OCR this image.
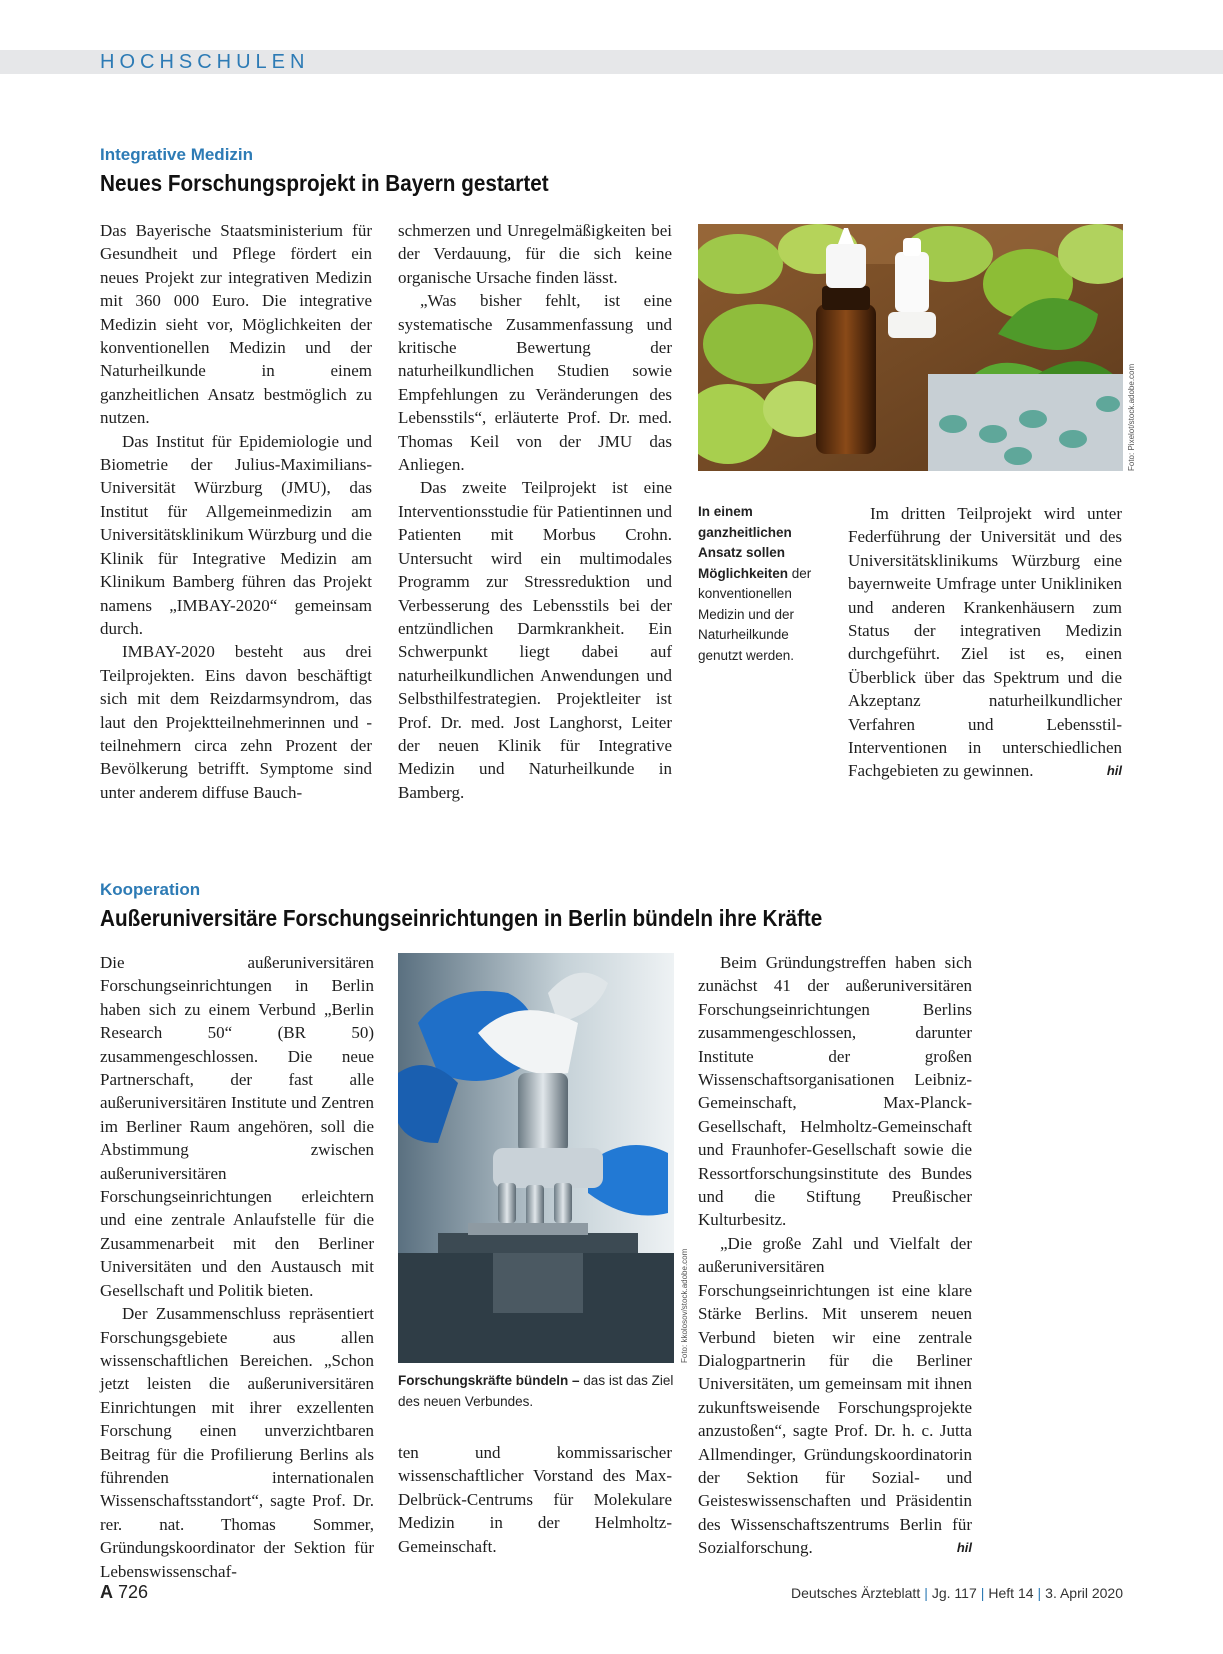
HOCHSCHULEN
Integrative Medizin
Neues Forschungsprojekt in Bayern gestartet

Das Bayerische Staatsministerium für Gesundheit und Pflege fördert ein neues Projekt zur integrativen Medizin mit 360 000 Euro. Die integrative Medizin sieht vor, Möglichkeiten der konventionellen Medizin und der Naturheilkunde in einem ganzheitlichen Ansatz bestmöglich zu nutzen.

Das Institut für Epidemiologie und Biometrie der Julius-Maximilians-Universität Würzburg (JMU), das Institut für Allgemeinmedizin am Universitätsklinikum Würzburg und die Klinik für Integrative Medizin am Klinikum Bamberg führen das Projekt namens „IMBAY-2020“ gemeinsam durch.

IMBAY-2020 besteht aus drei Teilprojekten. Eins davon beschäftigt sich mit dem Reizdarmsyndrom, das laut den Projektteilnehmerinnen und -teilnehmern circa zehn Prozent der Bevölkerung betrifft. Symptome sind unter anderem diffuse Bauch-

schmerzen und Unregelmäßigkeiten bei der Verdauung, für die sich keine organische Ursache finden lässt.

„Was bisher fehlt, ist eine systematische Zusammenfassung und kritische Bewertung der naturheilkundlichen Studien sowie Empfehlungen zu Veränderungen des Lebensstils“, erläuterte Prof. Dr. med. Thomas Keil von der JMU das Anliegen.

Das zweite Teilprojekt ist eine Interventionsstudie für Patientinnen und Patienten mit Morbus Crohn. Untersucht wird ein multimodales Programm zur Stressreduktion und Verbesserung des Lebensstils bei der entzündlichen Darmkrankheit. Ein Schwerpunkt liegt dabei auf naturheilkundlichen Anwendungen und Selbsthilfestrategien. Projektleiter ist Prof. Dr. med. Jost Langhorst, Leiter der neuen Klinik für Integrative Medizin und Naturheilkunde in Bamberg.

Foto: Pixelot/stock.adobe.com
In einem ganzheitlichen Ansatz sollen Möglichkeiten der konventionellen Medizin und der Naturheilkunde genutzt werden.

Im dritten Teilprojekt wird unter Federführung der Universität und des Universitätsklinikums Würzburg eine bayernweite Umfrage unter Unikliniken und anderen Krankenhäusern zum Status der integrativen Medizin durchgeführt. Ziel ist es, einen Überblick über das Spektrum und die Akzeptanz naturheilkundlicher Verfahren und Lebensstil-Interventionen in unterschiedlichen Fachgebieten zu gewinnen.	hil

Kooperation
Außeruniversitäre Forschungseinrichtungen in Berlin bündeln ihre Kräfte

Die außeruniversitären Forschungseinrichtungen in Berlin haben sich zu einem Verbund „Berlin Research 50“ (BR 50) zusammengeschlossen. Die neue Partnerschaft, der fast alle außeruniversitären Institute und Zentren im Berliner Raum angehören, soll die Abstimmung zwischen außeruniversitären Forschungseinrichtungen erleichtern und eine zentrale Anlaufstelle für die Zusammenarbeit mit den Berliner Universitäten und den Austausch mit Gesellschaft und Politik bieten.

Der Zusammenschluss repräsentiert Forschungsgebiete aus allen wissenschaftlichen Bereichen. „Schon jetzt leisten die außeruniversitären Einrichtungen mit ihrer exzellenten Forschung einen unverzichtbaren Beitrag für die Profilierung Berlins als führenden internationalen Wissenschaftsstandort“, sagte Prof. Dr. rer. nat. Thomas Sommer, Gründungskoordinator der Sektion für Lebenswissenschaf-

Foto: kkolosov/stock.adobe.com
Forschungskräfte bündeln – das ist das Ziel des neuen Verbundes.

ten und kommissarischer wissenschaftlicher Vorstand des Max-Delbrück-Centrums für Molekulare Medizin in der Helmholtz-Gemeinschaft.

Beim Gründungstreffen haben sich zunächst 41 der außeruniversitären Forschungseinrichtungen Berlins zusammengeschlossen, darunter Institute der großen Wissenschaftsorganisationen Leibniz-Gemeinschaft, Max-Planck-Gesellschaft, Helmholtz-Gemeinschaft und Fraunhofer-Gesellschaft sowie die Ressortforschungsinstitute des Bundes und die Stiftung Preußischer Kulturbesitz.

„Die große Zahl und Vielfalt der außeruniversitären Forschungseinrichtungen ist eine klare Stärke Berlins. Mit unserem neuen Verbund bieten wir eine zentrale Dialogpartnerin für die Berliner Universitäten, um gemeinsam mit ihnen zukunftsweisende Forschungsprojekte anzustoßen“, sagte Prof. Dr. h. c. Jutta Allmendinger, Gründungskoordinatorin der Sektion für Sozial- und Geisteswissenschaften und Präsidentin des Wissenschaftszentrums Berlin für Sozialforschung.	hil

A 726	Deutsches Ärzteblatt | Jg. 117 | Heft 14 | 3. April 2020
